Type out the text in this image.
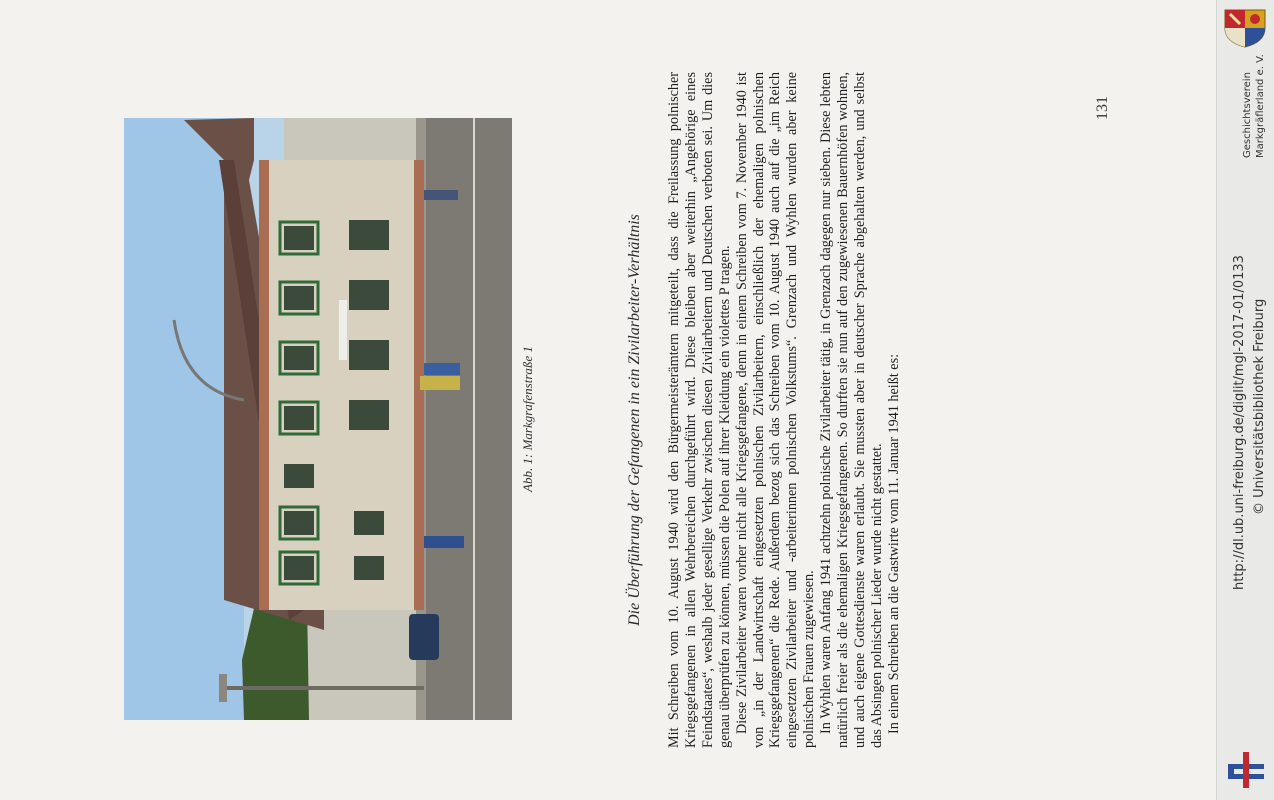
Abb. 1: Markgrafenstraße 1	Die Überführung der Gefangenen in ein Zivilarbeiter-Verhältnis Mit Schreiben vom 10. August 1940 wird den Bürgermeisterämtern mitgeteilt, dass die Freilassung polnischer Kriegsgefangenen in allen Wehrbereichen durchgeführt wird. Diese bleiben aber weiterhin „Angehörige eines Feindstaates“, weshalb jeder gesellige Verkehr zwischen diesen Zivilarbeitern und Deutschen verboten sei. Um dies genau überprüfen zu können, müssen die Polen auf ihrer Kleidung ein violettes P tragen. Diese Zivilarbeiter waren vorher nicht alle Kriegsgefangene, denn in einem Schreiben vom 7. November 1940 ist von „in der Landwirtschaft eingesetzten polnischen Zivilarbeitern, einschließlich der ehemaligen polnischen Kriegsgefangenen“ die Rede. Außerdem bezog sich das Schreiben vom 10. August 1940 auch auf die „im Reich eingesetzten Zivilarbeiter und -arbeiterinnen polnischen Volkstums“. Grenzach und Wyhlen wurden aber keine polnischen Frauen zugewiesen. In Wyhlen waren Anfang 1941 achtzehn polnische Zivilarbeiter tätig, in Grenzach dagegen nur sieben. Diese lebten natürlich freier als die ehemaligen Kriegsgefangenen. So durften sie nun auf den zugewiesenen Bauernhöfen wohnen, und auch eigene Gottesdienste waren erlaubt. Sie mussten aber in deutscher Sprache abgehalten werden, und selbst das Absingen polnischer Lieder wurde nicht gestattet. In einem Schreiben an die Gastwirte vom 11. Januar 1941 heißt es:

131	Geschichtsverein Markgräflerland e. V.
http://dl.ub.uni-freiburg.de/diglit/mgl-2017-01/0133 © Universitätsbibliothek Freiburg
